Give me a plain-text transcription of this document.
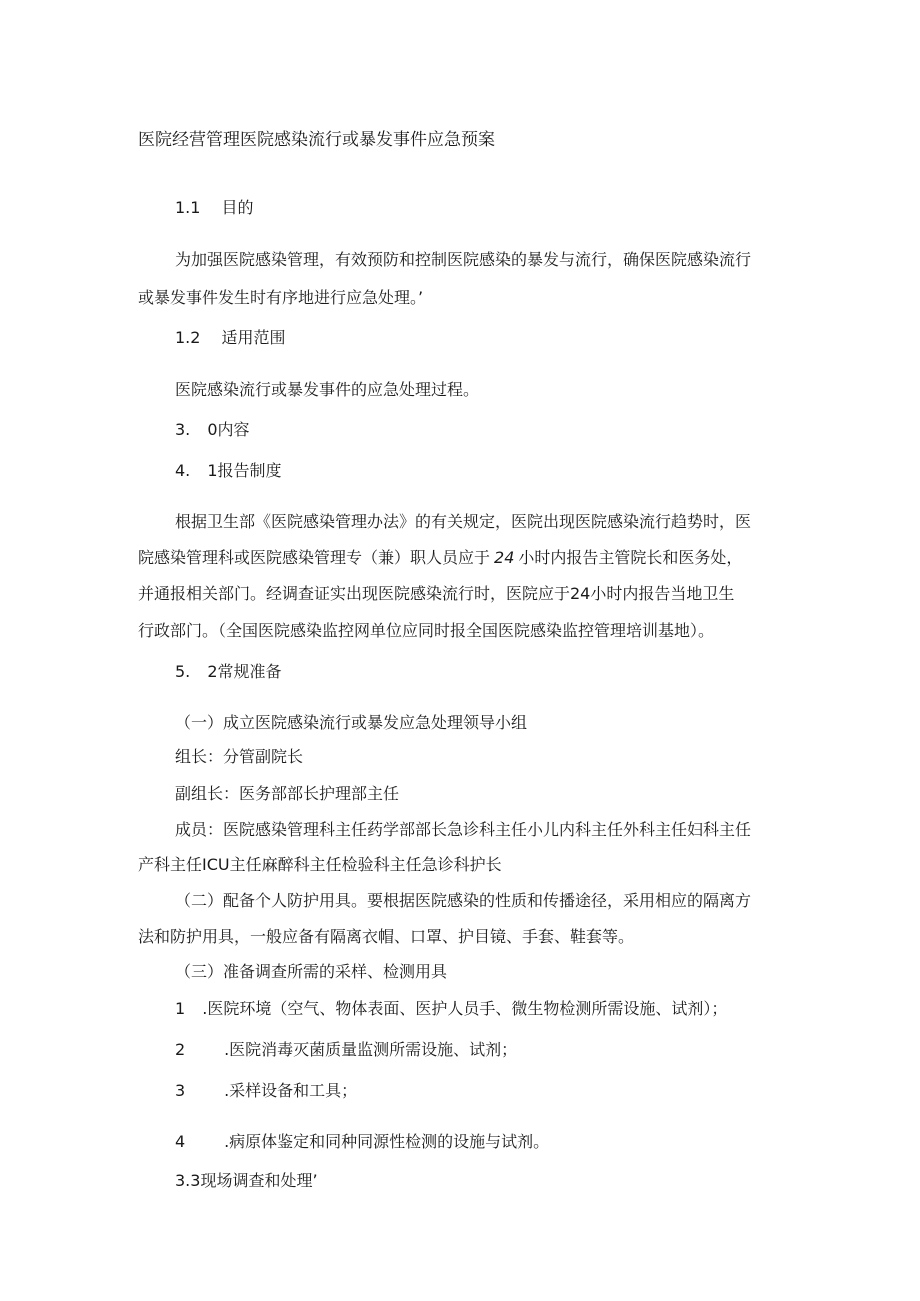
医院经营管理医院感染流行或暴发事件应急预案
1.1 目的
为加强医院感染管理，有效预防和控制医院感染的暴发与流行，确保医院感染流行
或暴发事件发生时有序地进行应急处理。’
1.2 适用范围
医院感染流行或暴发事件的应急处理过程。
3. 0内容
4. 1报告制度
根据卫生部《医院感染管理办法》的有关规定，医院出现医院感染流行趋势时，医
院感染管理科或医院感染管理专（兼）职人员应于 24 小时内报告主管院长和医务处，
并通报相关部门。经调查证实出现医院感染流行时，医院应于24小时内报告当地卫生
行政部门。（全国医院感染监控网单位应同时报全国医院感染监控管理培训基地）。
5. 2常规准备
（一）成立医院感染流行或暴发应急处理领导小组
组长：分管副院长
副组长：医务部部长护理部主任
成员：医院感染管理科主任药学部部长急诊科主任小儿内科主任外科主任妇科主任
产科主任ICU主任麻醉科主任检验科主任急诊科护长
（二）配备个人防护用具。要根据医院感染的性质和传播途径，采用相应的隔离方
法和防护用具，一般应备有隔离衣帽、口罩、护目镜、手套、鞋套等。
（三）准备调查所需的采样、检测用具
1 .医院环境（空气、物体表面、医护人员手、微生物检测所需设施、试剂）；
2 .医院消毒灭菌质量监测所需设施、试剂；
3 .采样设备和工具；
4 .病原体鉴定和同种同源性检测的设施与试剂。
3.3现场调查和处理’
